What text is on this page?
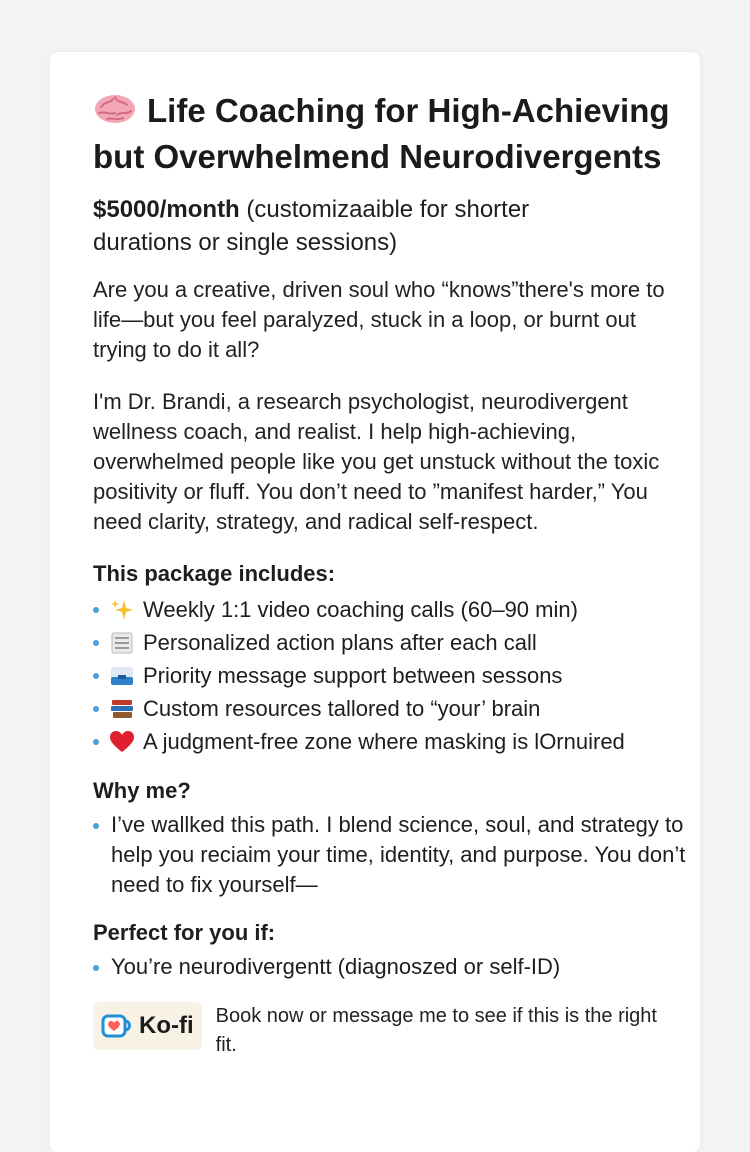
Life Coaching for High-Achieving but Overwhelmend Neurodivergents
$5000/month (customizaaible for shorter durations or single sessions)

Are you a creative, driven soul who “knows”there's more to life—but you feel paralyzed, stuck in a loop, or burnt out trying to do it all?

I'm Dr. Brandi, a research psychologist, neurodivergent wellness coach, and realist. I help high-achieving, overwhelmed people like you get unstuck without the toxic positivity or fluff. You don’t need to ”manifest harder,” You need clarity, strategy, and radical self-respect.

This package includes:
Weekly 1:1 video coaching calls (60–90 min)
Personalized action plans after each call
Priority message support between sessons
Custom resources tallored to “your’ brain
A judgment-free zone where masking is lOrnuired
Why me?
I’ve wallked this path. I blend science, soul, and strategy to help you reciaim your time, identity, and purpose. You don’t need to fix yourself—
Perfect for you if:
You’re neurodivergentt (diagnoszed or self-ID)
Ko-fi Book now or message me to see if this is the right fit.
